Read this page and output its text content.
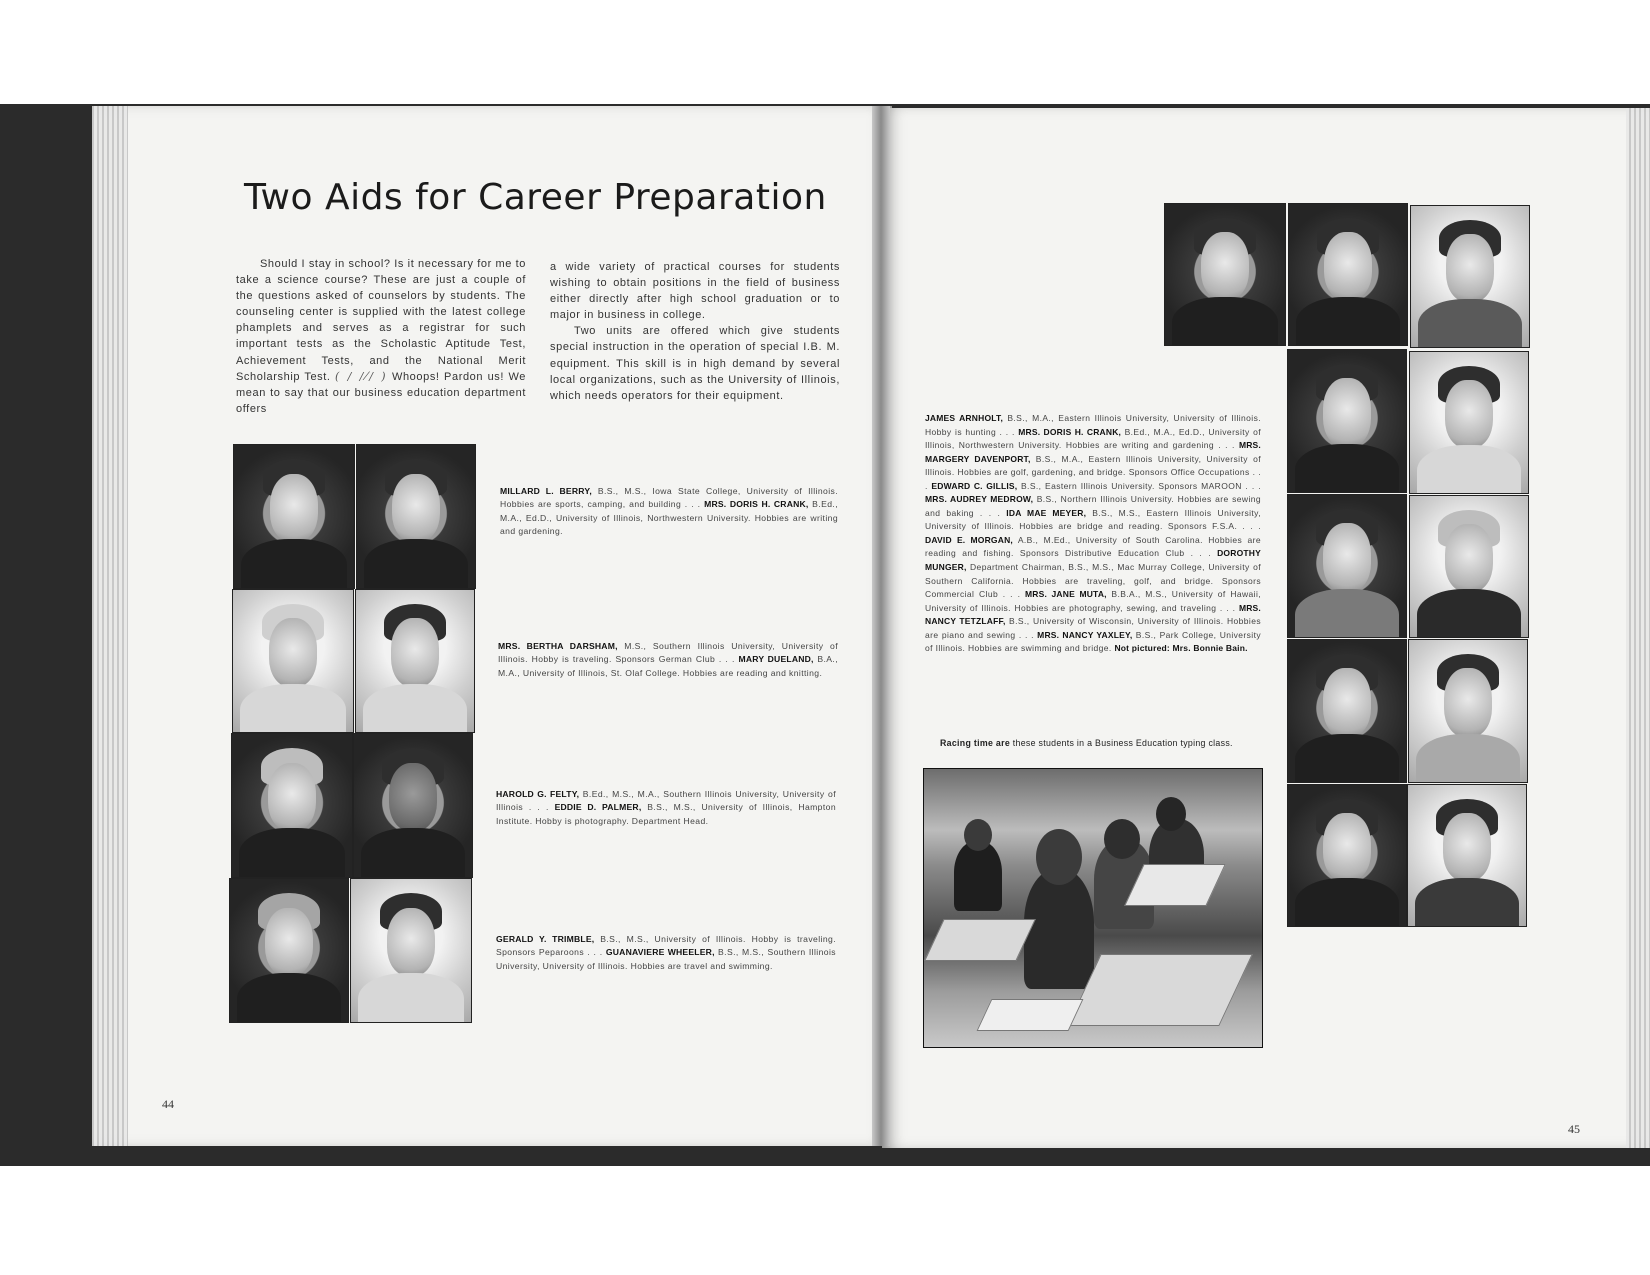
Two Aids for Career Preparation

Should I stay in school? Is it necessary for me to take a science course? These are just a couple of the questions asked of counselors by students. The counseling center is supplied with the latest college phamplets and serves as a registrar for such important tests as the Scholastic Aptitude Test, Achievement Tests, and the National Merit Scholarship Test. ( ∕ ∕⁄∕ ) Whoops! Pardon us! We mean to say that our business education department offers

a wide variety of practical courses for students wishing to obtain positions in the field of business either directly after high school graduation or to major in business in college.

Two units are offered which give students special instruction in the operation of special I.B. M. equipment. This skill is in high demand by several local organizations, such as the University of Illinois, which needs operators for their equipment.

MILLARD L. BERRY, B.S., M.S., Iowa State College, University of Illinois. Hobbies are sports, camping, and building . . . MRS. DORIS H. CRANK, B.Ed., M.A., Ed.D., University of Illinois, Northwestern University. Hobbies are writing and gardening.

MRS. BERTHA DARSHAM, M.S., Southern Illinois University, University of Illinois. Hobby is traveling. Sponsors German Club . . . MARY DUELAND, B.A., M.A., University of Illinois, St. Olaf College. Hobbies are reading and knitting.

HAROLD G. FELTY, B.Ed., M.S., M.A., Southern Illinois University, University of Illinois . . . EDDIE D. PALMER, B.S., M.S., University of Illinois, Hampton Institute. Hobby is photography. Department Head.

GERALD Y. TRIMBLE, B.S., M.S., University of Illinois. Hobby is traveling. Sponsors Peparoons . . . GUANAVIERE WHEELER, B.S., M.S., Southern Illinois University, University of Illinois. Hobbies are travel and swimming.

JAMES ARNHOLT, B.S., M.A., Eastern Illinois University, University of Illinois. Hobby is hunting . . . MRS. DORIS H. CRANK, B.Ed., M.A., Ed.D., University of Illinois, Northwestern University. Hobbies are writing and gardening . . . MRS. MARGERY DAVENPORT, B.S., M.A., Eastern Illinois University, University of Illinois. Hobbies are golf, gardening, and bridge. Sponsors Office Occupations . . . EDWARD C. GILLIS, B.S., Eastern Illinois University. Sponsors MAROON . . . MRS. AUDREY MEDROW, B.S., Northern Illinois University. Hobbies are sewing and baking . . . IDA MAE MEYER, B.S., M.S., Eastern Illinois University, University of Illinois. Hobbies are bridge and reading. Sponsors F.S.A. . . . DAVID E. MORGAN, A.B., M.Ed., University of South Carolina. Hobbies are reading and fishing. Sponsors Distributive Education Club . . . DOROTHY MUNGER, Department Chairman, B.S., M.S., Mac Murray College, University of Southern California. Hobbies are traveling, golf, and bridge. Sponsors Commercial Club . . . MRS. JANE MUTA, B.B.A., M.S., University of Hawaii, University of Illinois. Hobbies are photography, sewing, and traveling . . . MRS. NANCY TETZLAFF, B.S., University of Wisconsin, University of Illinois. Hobbies are piano and sewing . . . MRS. NANCY YAXLEY, B.S., Park College, University of Illinois. Hobbies are swimming and bridge. Not pictured: Mrs. Bonnie Bain.

Racing time are these students in a Business Education typing class.

44

45
